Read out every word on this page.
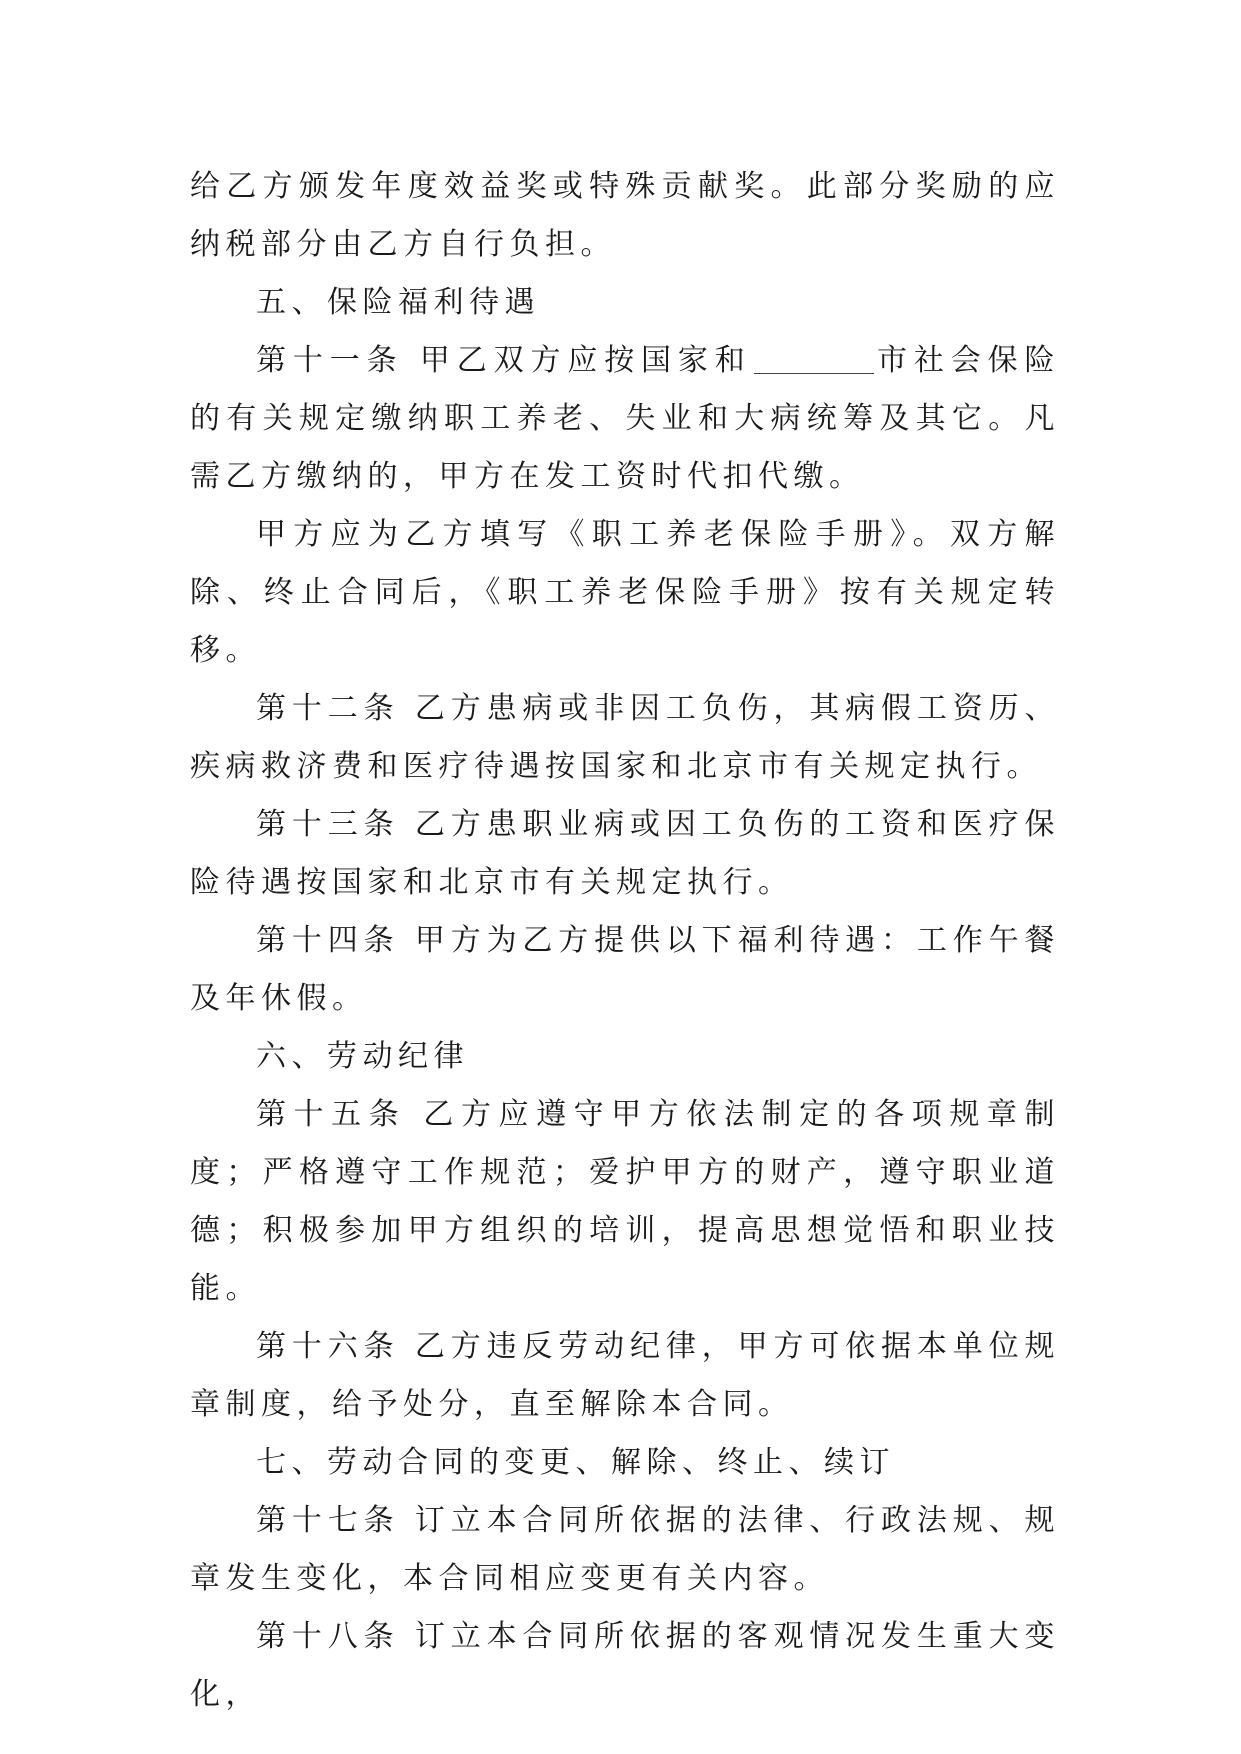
给乙方颁发年度效益奖或特殊贡献奖。此部分奖励的应纳税部分由乙方自行负担。

五、保险福利待遇

第十一条 甲乙双方应按国家和	市社会保险的有关规定缴纳职工养老、失业和大病统筹及其它。凡需乙方缴纳的，甲方在发工资时代扣代缴。

甲方应为乙方填写《职工养老保险手册》。双方解除、终止合同后，《职工养老保险手册》按有关规定转移。

第十二条 乙方患病或非因工负伤，其病假工资历、疾病救济费和医疗待遇按国家和北京市有关规定执行。

第十三条 乙方患职业病或因工负伤的工资和医疗保险待遇按国家和北京市有关规定执行。

第十四条 甲方为乙方提供以下福利待遇：工作午餐及年休假。

六、劳动纪律

第十五条 乙方应遵守甲方依法制定的各项规章制度；严格遵守工作规范；爱护甲方的财产，遵守职业道德；积极参加甲方组织的培训，提高思想觉悟和职业技能。

第十六条 乙方违反劳动纪律，甲方可依据本单位规章制度，给予处分，直至解除本合同。

七、劳动合同的变更、解除、终止、续订

第十七条 订立本合同所依据的法律、行政法规、规章发生变化，本合同相应变更有关内容。

第十八条 订立本合同所依据的客观情况发生重大变化，
